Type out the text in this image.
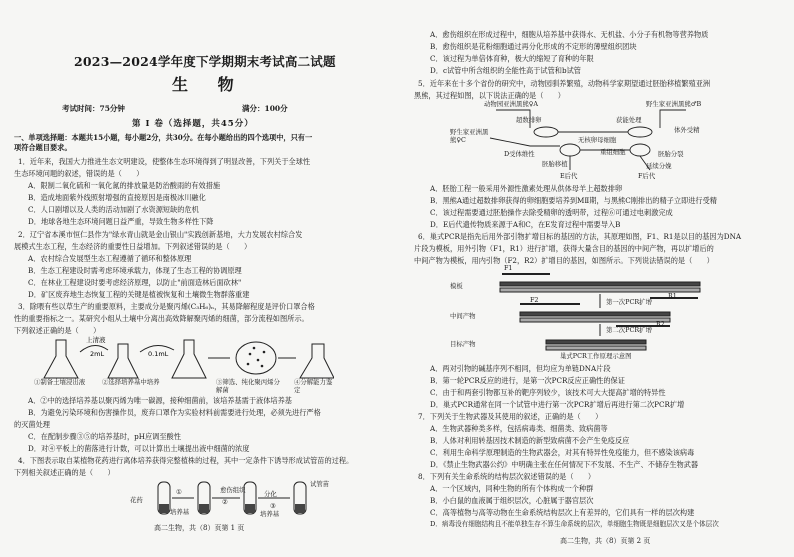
2023—2024学年度下学期期末考试高二试题
生 物
考试时间：75分钟	满分：100分
第 Ⅰ 卷（选择题，共45分）
一、单项选择题：本题共15小题，每小题2分，共30分。在每小题给出的四个选项中，只有一
项符合题目要求。
1．近年来，我国大力推进生态文明建设，使整体生态环境得到了明显改善，下列关于全球性
生态环境问题的叙述，错误的是（　　）
A．限制二氧化硫和一氧化氮的排放量是防治酸雨的有效措施
B．造成地面紫外线照射增强的直接原因是南极冰川融化
C．人口剧增以及人类的活动加剧了水资源短缺的危机
D．地球各地生态环境问题日益严重，导致生物多样性下降
2．辽宁省本溪市恒仁县作为"绿水青山就是金山银山"实践创新基地，大力发展农村综合发
展模式生态工程，生态经济的重要性日益增加。下列叙述错误的是（　　）
A．农村综合发展型生态工程遵循了循环和整体原理
B．生态工程建设时需考虑环境承载力，体现了生态工程的协调原理
C．在林业工程建设时要考虑经济原理，以防止"前面造林后面砍林"
D．矿区废弃地生态恢复工程的关键是植被恢复和土壤微生物群落重建
3．除喂有些以草生产的重要原料，主要成分是聚丙烯(C₃H₆)ₙ，其易降解程度是评价口罩合格
性的重要指标之一。某研究小组从土壤中分离出高效降解聚丙烯的细菌，部分流程如图所示。
下列叙述正确的是（　　）
上清液
2mL	0.1mL
①制备土壤浸出液	②选择培养基中培养	③筛选、纯化聚丙烯分解菌
④分解能力鉴定
A．②中的选择培养基以聚丙烯为唯一碳源，接种细菌前，该培养基需于液体培养基
B．为避免污染环境和伤害操作员，废弃口罩作为实验材料前需要进行处理，必须先进行严格
的灭菌处理
C．在配制步骤③⑤的培养基时，pH应调至酸性
D．对④平板上的菌落进行计数，可以计算出土壤提出液中细菌的浓度
4．下图表示取自某植物花药进行离体培养获得完整植株的过程，其中一定条件下诱导形成试管苗的过程。
下列相关叙述正确的是（　　）
花药
①
培养基
愈伤组织
②
分化
试管苗
③
培养基
高二生物，共（8）页第 1 页
A．愈伤组织在形成过程中，细胞从培养基中获得水、无机盐、小分子有机物等营养物质
B．愈伤组织是花粉细胞通过再分化形成的不定形的薄壁组织团块
C．该过程为单倍体育种，极大的缩短了育种的年限
D．c试管中所含组织的全能性高于试管和b试管
5．近年来在十多个省份的研究中，动物园驯养繁殖，动物科学家期望通过胚胎移植繁殖亚洲
黑熊，其过程如图，以下说法正确的是（　　）
动物园亚洲黑熊♀A	野生家亚洲黑熊♂B
超数排卵	获能处理
体外受精
野生家亚洲黑熊♀C	无核卵母细胞
D受体维性	重组细胞	胚胎分裂
胚胎移植	延续分娩
E后代	F后代
A．胚胎工程一般采用外源性激素处理从供体母羊上超数排卵
B．黑熊A通过超数排卵获得的卵细胞要培养到MⅡ期，与黑熊C刚排出的精子立即进行受精
C．该过程需要通过胚胎操作去除受精卵的透明带，过程⑥可通过电刺激完成
D．E后代遗传物质来源于A和C，在E发育过程中需要导入B
6．巢式PCR是指先后用外部引物扩增目标的基因的方法，其原理如图，F1、R1是以目的基因为DNA
片段为模板，用外引物（F1，R1）进行扩增，获得大量含目的基因的中间产物，再以扩增后的
中间产物为模板，用内引物（F2，R2）扩增目的基因，如图所示。下列说法错误的是（　　）
模板
F1
R1
第一次PCR扩增
F2
中间产物
R2
第二次PCR扩增
目标产物
巢式PCR工作原理示意图
A．两对引物的碱基序列不相同，但均应为单链DNA片段
B．第一轮PCR反应的进行，是第一次PCR反应正确性的保证
C．由于和两套引物都互补的靶序列较少，该技术可大大提高扩增的特异性
D．巢式PCR通常在同一个试管中进行第一次PCR扩增后再进行第二次PCR扩增
7．下列关于生物武器及其使用的叙述，正确的是（　　）
A．生物武器种类多样，包括病毒类、细菌类、致病菌等
B．人体对利用转基因技术制造的新型致病菌不会产生免疫反应
C．利用生命科学原理制造的生物武器会，对其有特异性免疫能力，但不感染该病毒
D．《禁止生物武器公约》中明确主张在任何情况下不发展、不生产、不储存生物武器
8．下列有关生命系统的结构层次叙述错误的是（　　）
A．一个区域内，同种生物的所有个体构成一个种群
B．小白鼠的血液属于组织层次，心脏属于器官层次
C．高等植物与高等动物在生命系统结构层次上有差异的，它们具有一样的层次构建
D．病毒没有细胞结构且不能单独生存不算生命系统的层次，单细胞生物既是细胞层次又是个体层次
高二生物，共（8）页第 2 页
